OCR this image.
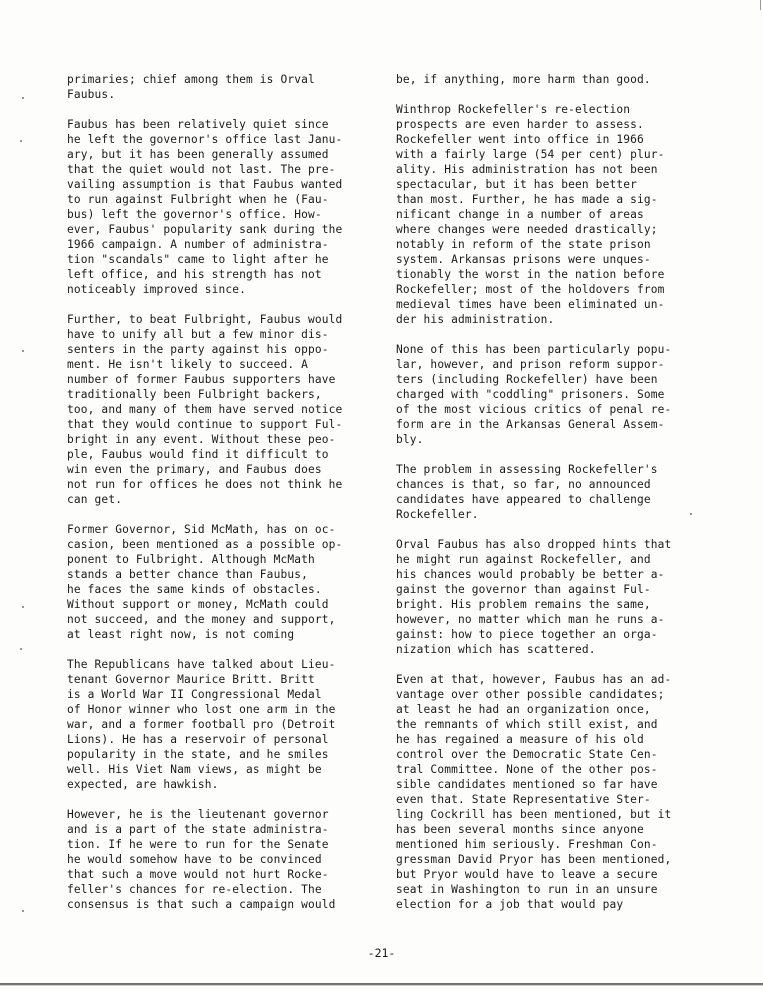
primaries; chief among them is Orval
Faubus.

Faubus has been relatively quiet since
he left the governor's office last Janu-
ary, but it has been generally assumed
that the quiet would not last. The pre-
vailing assumption is that Faubus wanted
to run against Fulbright when he (Fau-
bus) left the governor's office. How-
ever, Faubus' popularity sank during the
1966 campaign. A number of administra-
tion "scandals" came to light after he
left office, and his strength has not
noticeably improved since.

Further, to beat Fulbright, Faubus would
have to unify all but a few minor dis-
senters in the party against his oppo-
ment. He isn't likely to succeed. A
number of former Faubus supporters have
traditionally been Fulbright backers,
too, and many of them have served notice
that they would continue to support Ful-
bright in any event. Without these peo-
ple, Faubus would find it difficult to
win even the primary, and Faubus does
not run for offices he does not think he
can get.

Former Governor, Sid McMath, has on oc-
casion, been mentioned as a possible op-
ponent to Fulbright. Although McMath
stands a better chance than Faubus,
he faces the same kinds of obstacles.
Without support or money, McMath could
not succeed, and the money and support,
at least right now, is not coming

The Republicans have talked about Lieu-
tenant Governor Maurice Britt. Britt
is a World War II Congressional Medal
of Honor winner who lost one arm in the
war, and a former football pro (Detroit
Lions). He has a reservoir of personal
popularity in the state, and he smiles
well. His Viet Nam views, as might be
expected, are hawkish.

However, he is the lieutenant governor
and is a part of the state administra-
tion. If he were to run for the Senate
he would somehow have to be convinced
that such a move would not hurt Rocke-
feller's chances for re-election. The
consensus is that such a campaign would

be, if anything, more harm than good.

Winthrop Rockefeller's re-election
prospects are even harder to assess.
Rockefeller went into office in 1966
with a fairly large (54 per cent) plur-
ality. His administration has not been
spectacular, but it has been better
than most. Further, he has made a sig-
nificant change in a number of areas
where changes were needed drastically;
notably in reform of the state prison
system. Arkansas prisons were unques-
tionably the worst in the nation before
Rockefeller; most of the holdovers from
medieval times have been eliminated un-
der his administration.

None of this has been particularly popu-
lar, however, and prison reform suppor-
ters (including Rockefeller) have been
charged with "coddling" prisoners. Some
of the most vicious critics of penal re-
form are in the Arkansas General Assem-
bly.

The problem in assessing Rockefeller's
chances is that, so far, no announced
candidates have appeared to challenge
Rockefeller.

Orval Faubus has also dropped hints that
he might run against Rockefeller, and
his chances would probably be better a-
gainst the governor than against Ful-
bright. His problem remains the same,
however, no matter which man he runs a-
gainst: how to piece together an orga-
nization which has scattered.

Even at that, however, Faubus has an ad-
vantage over other possible candidates;
at least he had an organization once,
the remnants of which still exist, and
he has regained a measure of his old
control over the Democratic State Cen-
tral Committee. None of the other pos-
sible candidates mentioned so far have
even that. State Representative Ster-
ling Cockrill has been mentioned, but it
has been several months since anyone
mentioned him seriously. Freshman Con-
gressman David Pryor has been mentioned,
but Pryor would have to leave a secure
seat in Washington to run in an unsure
election for a job that would pay

-21-
